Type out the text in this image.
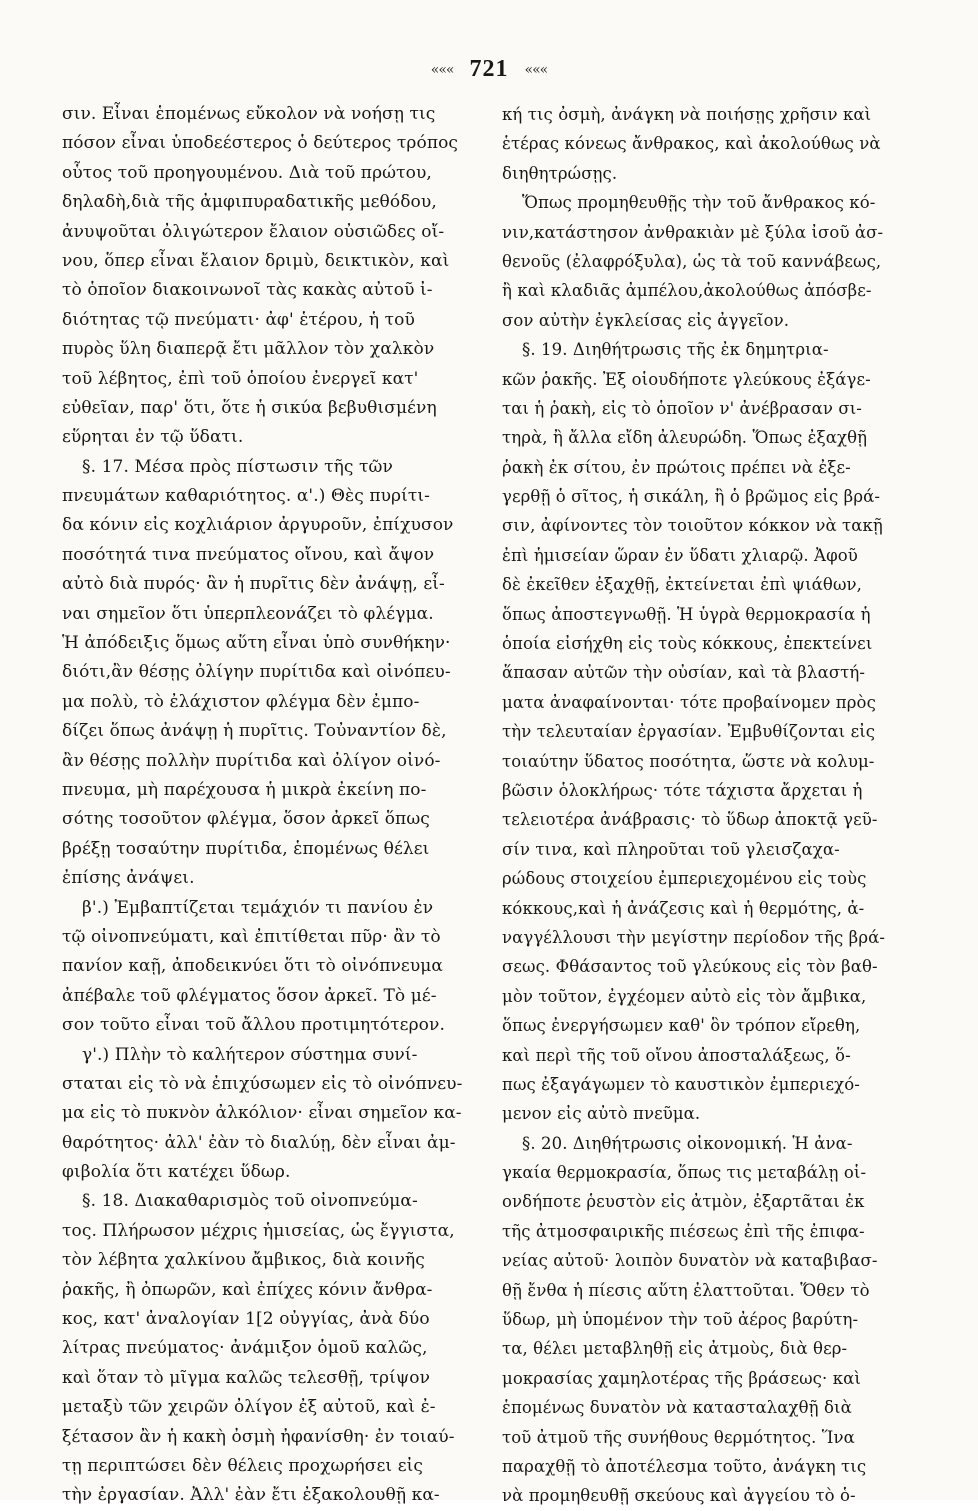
««« 721 «««
σιν. Εἶναι ἑπομένως εὔκολον νὰ νοήσῃ τις
πόσον εἶναι ὑποδεέστερος ὁ δεύτερος τρόπος
οὗτος τοῦ προηγουμένου. Διὰ τοῦ πρώτου,
δηλαδὴ,διὰ τῆς ἀμφιπυραδατικῆς μεθόδου,
ἀνυψοῦται ὀλιγώτερον ἔλαιον οὐσιῶδες οἴ-
νου, ὅπερ εἶναι ἔλαιον δριμὺ, δεικτικὸν, καὶ
τὸ ὁποῖον διακοινωνοῖ τὰς κακὰς αὐτοῦ ἰ-
διότητας τῷ πνεύματι· ἀφ' ἑτέρου, ἡ τοῦ
πυρὸς ὕλη διαπερᾷ ἔτι μᾶλλον τὸν χαλκὸν
τοῦ λέβητος, ἐπὶ τοῦ ὁποίου ἐνεργεῖ κατ'
εὐθεῖαν, παρ' ὅτι, ὅτε ἡ σικύα βεβυθισμένη
εὕρηται ἐν τῷ ὕδατι.
§. 17. Μέσα πρὸς πίστωσιν τῆς τῶν
πνευμάτων καθαριότητος. α'.) Θὲς πυρίτι-
δα κόνιν εἰς κοχλιάριον ἀργυροῦν, ἐπίχυσον
ποσότητά τινα πνεύματος οἴνου, καὶ ἄψον
αὐτὸ διὰ πυρός· ἂν ἡ πυρῖτις δὲν ἀνάψῃ, εἶ-
ναι σημεῖον ὅτι ὑπερπλεονάζει τὸ φλέγμα.
Ἡ ἀπόδειξις ὅμως αὕτη εἶναι ὑπὸ συνθήκην·
διότι,ἂν θέσῃς ὀλίγην πυρίτιδα καὶ οἰνόπευ-
μα πολὺ, τὸ ἐλάχιστον φλέγμα δὲν ἐμπο-
δίζει ὅπως ἀνάψῃ ἡ πυρῖτις. Τοὐναντίον δὲ,
ἂν θέσῃς πολλὴν πυρίτιδα καὶ ὀλίγον οἰνό-
πνευμα, μὴ παρέχουσα ἡ μικρὰ ἐκείνη πο-
σότης τοσοῦτον φλέγμα, ὅσον ἀρκεῖ ὅπως
βρέξῃ τοσαύτην πυρίτιδα, ἑπομένως θέλει
ἐπίσης ἀνάψει.
β'.) Ἐμβαπτίζεται τεμάχιόν τι πανίου ἐν
τῷ οἰνοπνεύματι, καὶ ἐπιτίθεται πῦρ· ἂν τὸ
πανίον καῇ, ἀποδεικνύει ὅτι τὸ οἰνόπνευμα
ἀπέβαλε τοῦ φλέγματος ὅσον ἀρκεῖ. Τὸ μέ-
σον τοῦτο εἶναι τοῦ ἄλλου προτιμητότερον.
γ'.) Πλὴν τὸ καλήτερον σύστημα συνί-
σταται εἰς τὸ νὰ ἐπιχύσωμεν εἰς τὸ οἰνόπνευ-
μα εἰς τὸ πυκνὸν ἀλκόλιον· εἶναι σημεῖον κα-
θαρότητος· ἀλλ' ἐὰν τὸ διαλύῃ, δὲν εἶναι ἀμ-
φιβολία ὅτι κατέχει ὕδωρ.
§. 18. Διακαθαρισμὸς τοῦ οἰνοπνεύμα-
τος. Πλήρωσον μέχρις ἡμισείας, ὡς ἔγγιστα,
τὸν λέβητα χαλκίνου ἄμβικος, διὰ κοινῆς
ῥακῆς, ἢ ὀπωρῶν, καὶ ἐπίχες κόνιν ἄνθρα-
κος, κατ' ἀναλογίαν 1[2 οὐγγίας, ἀνὰ δύο
λίτρας πνεύματος· ἀνάμιξον ὁμοῦ καλῶς,
καὶ ὅταν τὸ μῖγμα καλῶς τελεσθῇ, τρίψον
μεταξὺ τῶν χειρῶν ὀλίγον ἐξ αὐτοῦ, καὶ ἐ-
ξέτασον ἂν ἡ κακὴ ὀσμὴ ἠφανίσθη· ἐν τοιαύ-
τῃ περιπτώσει δὲν θέλεις προχωρήσει εἰς
τὴν ἐργασίαν. Ἀλλ' ἐὰν ἔτι ἐξακολουθῇ κα-
κή τις ὀσμὴ, ἀνάγκη νὰ ποιήσῃς χρῆσιν καὶ
ἑτέρας κόνεως ἄνθρακος, καὶ ἀκολούθως νὰ
διηθητρώσῃς.
Ὅπως προμηθευθῇς τὴν τοῦ ἄνθρακος κό-
νιν,κατάστησον ἀνθρακιὰν μὲ ξύλα ἰσοῦ ἀσ-
θενοῦς (ἐλαφρόξυλα), ὡς τὰ τοῦ καννάβεως,
ἢ καὶ κλαδιᾶς ἀμπέλου,ἀκολούθως ἀπόσβε-
σον αὐτὴν ἐγκλείσας εἰς ἀγγεῖον.
§. 19. Διηθήτρωσις τῆς ἐκ δημητρια-
κῶν ῥακῆς. Ἐξ οἱουδήποτε γλεύκους ἐξάγε-
ται ἡ ῥακὴ, εἰς τὸ ὁποῖον ν' ἀνέβρασαν σι-
τηρὰ, ἢ ἄλλα εἴδη ἀλευρώδη. Ὅπως ἐξαχθῇ
ῥακὴ ἐκ σίτου, ἐν πρώτοις πρέπει νὰ ἐξε-
γερθῇ ὁ σῖτος, ἡ σικάλη, ἢ ὁ βρῶμος εἰς βρά-
σιν, ἀφίνοντες τὸν τοιοῦτον κόκκον νὰ τακῇ
ἐπὶ ἡμισείαν ὥραν ἐν ὕδατι χλιαρῷ. Ἀφοῦ
δὲ ἐκεῖθεν ἐξαχθῇ, ἐκτείνεται ἐπὶ ψιάθων,
ὅπως ἀποστεγνωθῇ. Ἡ ὑγρὰ θερμοκρασία ἡ
ὁποία εἰσήχθη εἰς τοὺς κόκκους, ἐπεκτείνει
ἅπασαν αὐτῶν τὴν οὐσίαν, καὶ τὰ βλαστή-
ματα ἀναφαίνονται· τότε προβαίνομεν πρὸς
τὴν τελευταίαν ἐργασίαν. Ἐμβυθίζονται εἰς
τοιαύτην ὕδατος ποσότητα, ὥστε νὰ κολυμ-
βῶσιν ὁλοκλήρως· τότε τάχιστα ἄρχεται ἡ
τελειοτέρα ἀνάβρασις· τὸ ὕδωρ ἀποκτᾷ γεῦ-
σίν τινα, καὶ πληροῦται τοῦ γλεισζαχα-
ρώδους στοιχείου ἐμπεριεχομένου εἰς τοὺς
κόκκους,καὶ ἡ ἀνάζεσις καὶ ἡ θερμότης, ἀ-
ναγγέλλουσι τὴν μεγίστην περίοδον τῆς βρά-
σεως. Φθάσαντος τοῦ γλεύκους εἰς τὸν βαθ-
μὸν τοῦτον, ἐγχέομεν αὐτὸ εἰς τὸν ἄμβικα,
ὅπως ἐνεργήσωμεν καθ' ὃν τρόπον εἴρεθη,
καὶ περὶ τῆς τοῦ οἴνου ἀποσταλάξεως, ὅ-
πως ἐξαγάγωμεν τὸ καυστικὸν ἐμπεριεχό-
μενον εἰς αὐτὸ πνεῦμα.
§. 20. Διηθήτρωσις οἰκονομική. Ἡ ἀνα-
γκαία θερμοκρασία, ὅπως τις μεταβάλῃ οἱ-
ονδήποτε ῥευστὸν εἰς ἀτμὸν, ἐξαρτᾶται ἐκ
τῆς ἀτμοσφαιρικῆς πιέσεως ἐπὶ τῆς ἐπιφα-
νείας αὐτοῦ· λοιπὸν δυνατὸν νὰ καταβιβασ-
θῇ ἔνθα ἡ πίεσις αὕτη ἐλαττοῦται. Ὅθεν τὸ
ὕδωρ, μὴ ὑπομένον τὴν τοῦ ἀέρος βαρύτη-
τα, θέλει μεταβληθῇ εἰς ἀτμοὺς, διὰ θερ-
μοκρασίας χαμηλοτέρας τῆς βράσεως· καὶ
ἑπομένως δυνατὸν νὰ κατασταλαχθῇ διὰ
τοῦ ἀτμοῦ τῆς συνήθους θερμότητος. Ἵνα
παραχθῇ τὸ ἀποτέλεσμα τοῦτο, ἀνάγκη τις
νὰ προμηθευθῇ σκεύους καὶ ἀγγείου τὸ ὁ-
